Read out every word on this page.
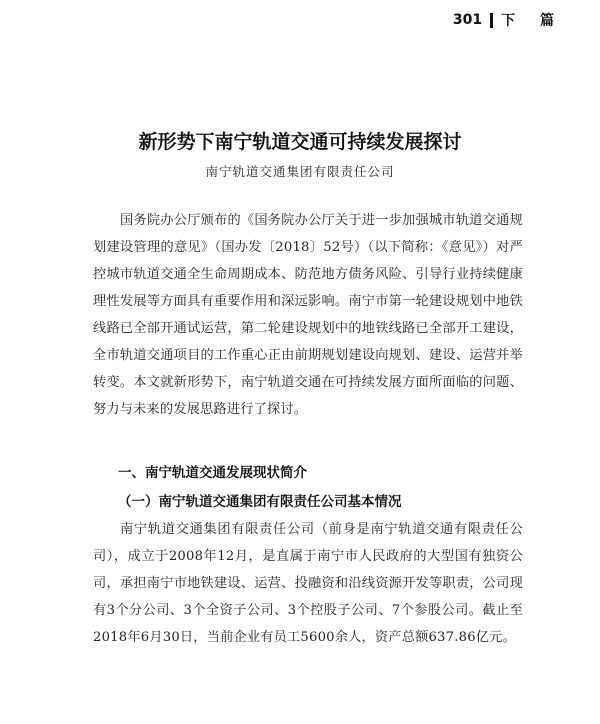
301 下 篇
新形势下南宁轨道交通可持续发展探讨
南宁轨道交通集团有限责任公司

国务院办公厅颁布的《国务院办公厅关于进一步加强城市轨道交通规划建设管理的意见》（国办发〔2018〕52号）（以下简称：《意见》）对严控城市轨道交通全生命周期成本、防范地方债务风险、引导行业持续健康理性发展等方面具有重要作用和深远影响。南宁市第一轮建设规划中地铁线路已全部开通试运营，第二轮建设规划中的地铁线路已全部开工建设，全市轨道交通项目的工作重心正由前期规划建设向规划、建设、运营并举转变。本文就新形势下，南宁轨道交通在可持续发展方面所面临的问题、努力与未来的发展思路进行了探讨。

一、南宁轨道交通发展现状简介
（一）南宁轨道交通集团有限责任公司基本情况

南宁轨道交通集团有限责任公司（前身是南宁轨道交通有限责任公司），成立于2008年12月，是直属于南宁市人民政府的大型国有独资公司，承担南宁市地铁建设、运营、投融资和沿线资源开发等职责，公司现有3个分公司、3个全资子公司、3个控股子公司、7个参股公司。截止至2018年6月30日，当前企业有员工5600余人，资产总额637.86亿元。
